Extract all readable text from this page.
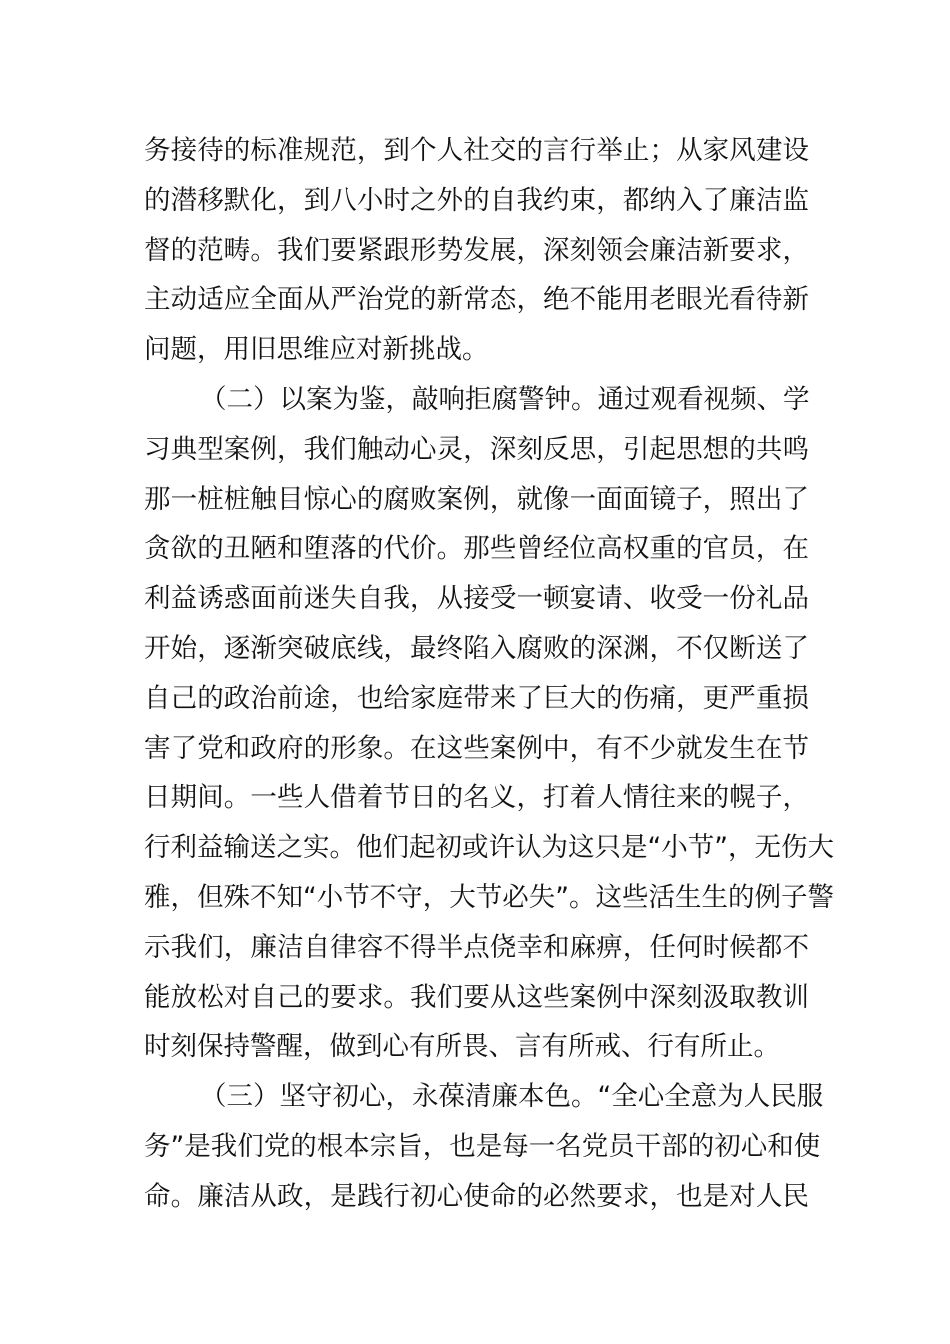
务接待的标准规范，到个人社交的言行举止；从家风建设
的潜移默化，到八小时之外的自我约束，都纳入了廉洁监
督的范畴。我们要紧跟形势发展，深刻领会廉洁新要求，
主动适应全面从严治党的新常态，绝不能用老眼光看待新
问题，用旧思维应对新挑战。
（二）以案为鉴，敲响拒腐警钟。通过观看视频、学
习典型案例，我们触动心灵，深刻反思，引起思想的共鸣
那一桩桩触目惊心的腐败案例，就像一面面镜子，照出了
贪欲的丑陋和堕落的代价。那些曾经位高权重的官员，在
利益诱惑面前迷失自我，从接受一顿宴请、收受一份礼品
开始，逐渐突破底线，最终陷入腐败的深渊，不仅断送了
自己的政治前途，也给家庭带来了巨大的伤痛，更严重损
害了党和政府的形象。在这些案例中，有不少就发生在节
日期间。一些人借着节日的名义，打着人情往来的幌子，
行利益输送之实。他们起初或许认为这只是“小节”，无伤大
雅，但殊不知“小节不守，大节必失”。这些活生生的例子警
示我们，廉洁自律容不得半点侥幸和麻痹，任何时候都不
能放松对自己的要求。我们要从这些案例中深刻汲取教训
时刻保持警醒，做到心有所畏、言有所戒、行有所止。
（三）坚守初心，永葆清廉本色。“全心全意为人民服
务”是我们党的根本宗旨，也是每一名党员干部的初心和使
命。廉洁从政，是践行初心使命的必然要求，也是对人民
